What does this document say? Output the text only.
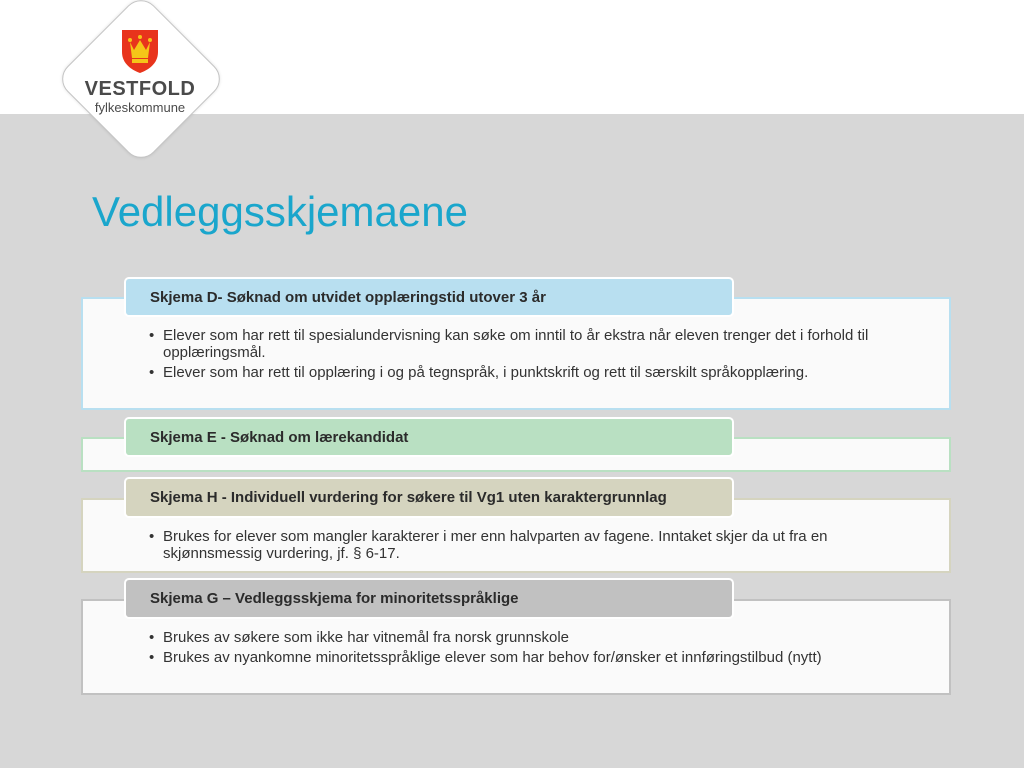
VESTFOLD
fylkeskommune
Vedleggsskjemaene
• Elever som har rett til spesialundervisning kan søke om inntil to år ekstra når eleven trenger det i forhold til opplæringsmål.
• Elever som har rett til opplæring i og på tegnspråk, i punktskrift og rett til særskilt språkopplæring.
Skjema D- Søknad om utvidet opplæringstid utover 3 år
Skjema E - Søknad om lærekandidat
• Brukes for elever som mangler karakterer i mer enn halvparten av fagene. Inntaket skjer da ut fra en skjønnsmessig vurdering, jf. § 6-17.
Skjema H - Individuell vurdering for søkere til Vg1 uten karaktergrunnlag
• Brukes av søkere som ikke har vitnemål fra norsk grunnskole
• Brukes av nyankomne minoritetsspråklige elever som har behov for/ønsker et innføringstilbud (nytt)
Skjema G – Vedleggsskjema for minoritetsspråklige
